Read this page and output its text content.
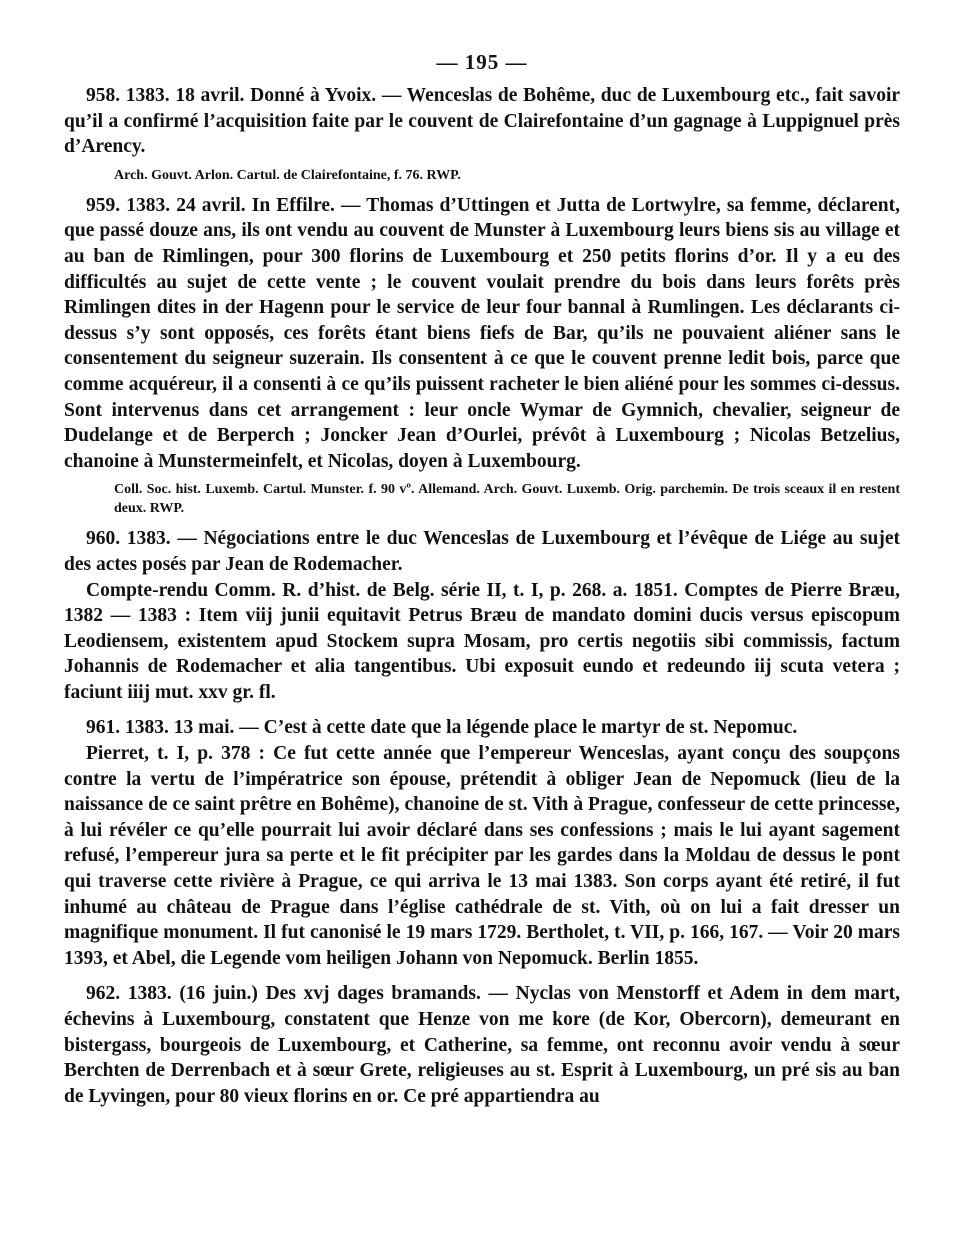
— 195 —

958. 1383. 18 avril. Donné à Yvoix. — Wenceslas de Bohême, duc de Luxembourg etc., fait savoir qu’il a confirmé l’acquisition faite par le couvent de Clairefontaine d’un gagnage à Luppignuel près d’Arency.

Arch. Gouvt. Arlon. Cartul. de Clairefontaine, f. 76. RWP.

959. 1383. 24 avril. In Effilre. — Thomas d’Uttingen et Jutta de Lortwylre, sa femme, déclarent, que passé douze ans, ils ont vendu au couvent de Munster à Luxembourg leurs biens sis au village et au ban de Rimlingen, pour 300 florins de Luxembourg et 250 petits florins d’or. Il y a eu des difficultés au sujet de cette vente ; le couvent voulait prendre du bois dans leurs forêts près Rimlingen dites in der Hagenn pour le service de leur four bannal à Rumlingen. Les déclarants ci-dessus s’y sont opposés, ces forêts étant biens fiefs de Bar, qu’ils ne pouvaient aliéner sans le consentement du seigneur suzerain. Ils consentent à ce que le couvent prenne ledit bois, parce que comme acquéreur, il a consenti à ce qu’ils puissent racheter le bien aliéné pour les sommes ci-dessus. Sont intervenus dans cet arrangement : leur oncle Wymar de Gymnich, chevalier, seigneur de Dudelange et de Berperch ; Joncker Jean d’Ourlei, prévôt à Luxembourg ; Nicolas Betzelius, chanoine à Munstermeinfelt, et Nicolas, doyen à Luxembourg.

Coll. Soc. hist. Luxemb. Cartul. Munster. f. 90 vº. Allemand. Arch. Gouvt. Luxemb. Orig. parchemin. De trois sceaux il en restent deux. RWP.

960. 1383. — Négociations entre le duc Wenceslas de Luxembourg et l’évêque de Liége au sujet des actes posés par Jean de Rodemacher.

Compte-rendu Comm. R. d’hist. de Belg. série II, t. I, p. 268. a. 1851. Comptes de Pierre Bræu, 1382 — 1383 : Item viij junii equitavit Petrus Bræu de mandato domini ducis versus episcopum Leodiensem, existentem apud Stockem supra Mosam, pro certis negotiis sibi commissis, factum Johannis de Rodemacher et alia tangentibus. Ubi exposuit eundo et redeundo iij scuta vetera ; faciunt iiij mut. xxv gr. fl.

961. 1383. 13 mai. — C’est à cette date que la légende place le martyr de st. Nepomuc.

Pierret, t. I, p. 378 : Ce fut cette année que l’empereur Wenceslas, ayant conçu des soupçons contre la vertu de l’impératrice son épouse, prétendit à obliger Jean de Nepomuck (lieu de la naissance de ce saint prêtre en Bohême), chanoine de st. Vith à Prague, confesseur de cette princesse, à lui révéler ce qu’elle pourrait lui avoir déclaré dans ses confessions ; mais le lui ayant sagement refusé, l’empereur jura sa perte et le fit précipiter par les gardes dans la Moldau de dessus le pont qui traverse cette rivière à Prague, ce qui arriva le 13 mai 1383. Son corps ayant été retiré, il fut inhumé au château de Prague dans l’église cathédrale de st. Vith, où on lui a fait dresser un magnifique monument. Il fut canonisé le 19 mars 1729. Bertholet, t. VII, p. 166, 167. — Voir 20 mars 1393, et Abel, die Legende vom heiligen Johann von Nepomuck. Berlin 1855.

962. 1383. (16 juin.) Des xvj dages bramands. — Nyclas von Menstorff et Adem in dem mart, échevins à Luxembourg, constatent que Henze von me kore (de Kor, Obercorn), demeurant en bistergass, bourgeois de Luxembourg, et Catherine, sa femme, ont reconnu avoir vendu à sœur Berchten de Derrenbach et à sœur Grete, religieuses au st. Esprit à Luxembourg, un pré sis au ban de Lyvingen, pour 80 vieux florins en or. Ce pré appartiendra au
